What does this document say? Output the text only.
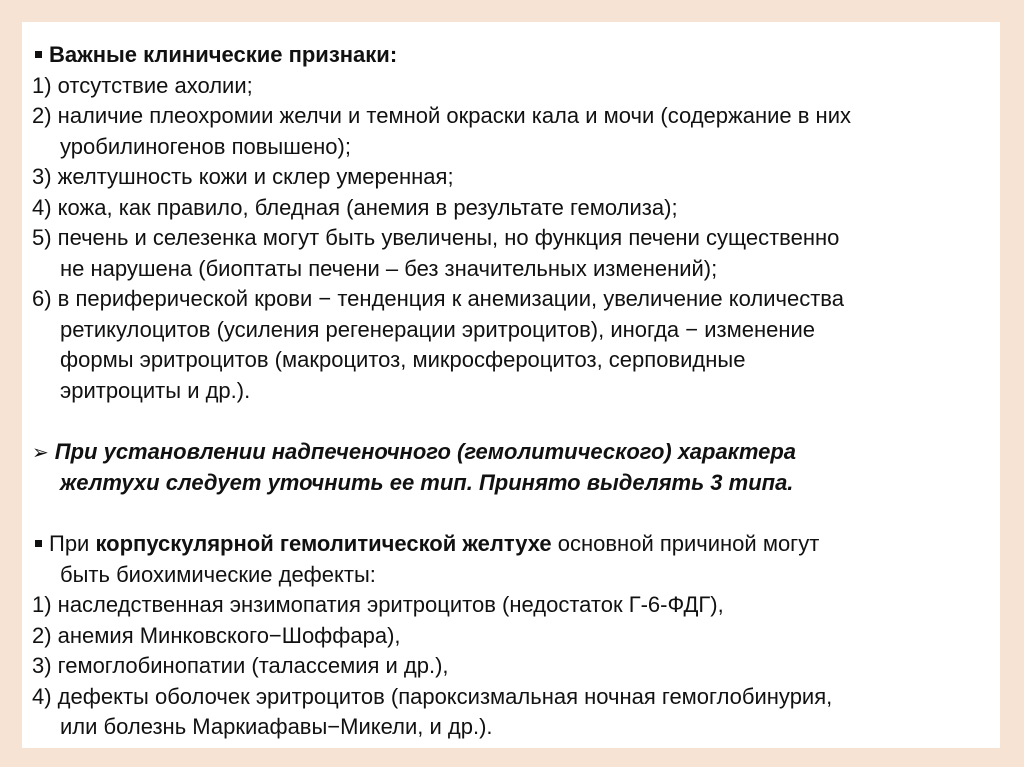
Важные клинические признаки:
1) отсутствие ахолии;
2) наличие плеохромии желчи и темной окраски кала и мочи (содержание в них
уробилиногенов повышено);
3) желтушность кожи и склер умеренная;
4) кожа, как правило, бледная (анемия в результате гемолиза);
5) печень и селезенка могут быть увеличены, но функция печени существенно
не нарушена (биоптаты печени – без значительных изменений);
6) в периферической крови − тенденция к анемизации, увеличение количества
ретикулоцитов (усиления регенерации эритроцитов), иногда − изменение
формы эритроцитов (макроцитоз, микросфероцитоз, серповидные
эритроциты и др.).
➢ При установлении надпеченочного (гемолитического) характера
желтухи следует уточнить ее тип. Принято выделять 3 типа.
При корпускулярной гемолитической желтухе основной причиной могут
быть биохимические дефекты:
1) наследственная энзимопатия эритроцитов (недостаток Г-6-ФДГ),
2) анемия Минковского−Шоффара),
3) гемоглобинопатии (талассемия и др.),
4) дефекты оболочек эритроцитов (пароксизмальная ночная гемоглобинурия,
или болезнь Маркиафавы−Микели, и др.).
